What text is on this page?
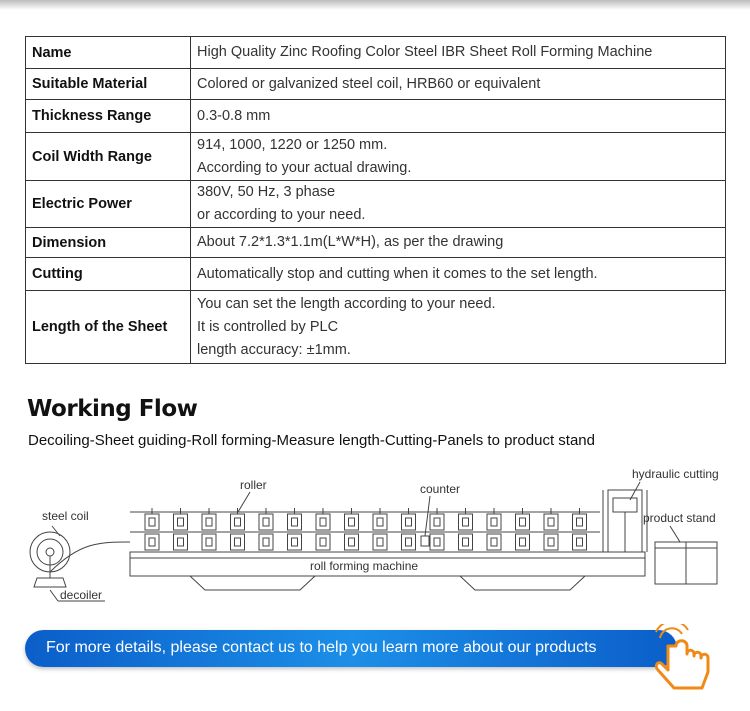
Name	High Quality Zinc Roofing Color Steel IBR Sheet Roll Forming Machine

Suitable Material	Colored or galvanized steel coil, HRB60 or equivalent

Thickness Range	0.3-0.8 mm

Coil Width Range	914, 1000, 1220 or 1250 mm.
According to your actual drawing.

Electric Power	380V, 50 Hz, 3 phase
or according to your need.

Dimension	About 7.2*1.3*1.1m(L*W*H), as per the drawing

Cutting	Automatically stop and cutting when it comes to the set length.

Length of the Sheet	You can set the length according to your need.
It is controlled by PLC
length accuracy: ±1mm.
Working Flow
Decoiling-Sheet guiding-Roll forming-Measure length-Cutting-Panels to product stand
steel coil
decoiler
roll forming machine
roller	counter
hydraulic cutting
product stand
For more details, please contact us to help you learn more about our products
